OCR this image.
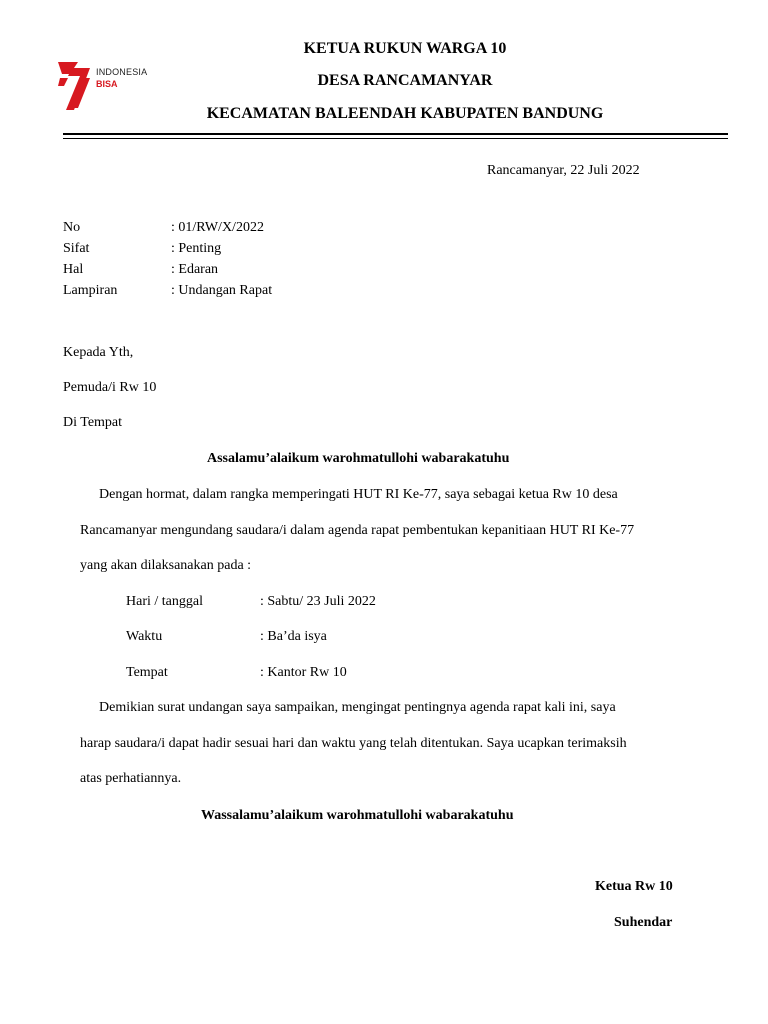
INDONESIA
BISA
KETUA RUKUN WARGA 10
DESA RANCAMANYAR
KECAMATAN BALEENDAH KABUPATEN BANDUNG
Rancamanyar, 22 Juli 2022
No	: 01/RW/X/2022
Sifat	: Penting
Hal	: Edaran
Lampiran	: Undangan Rapat
Kepada Yth,
Pemuda/i Rw 10
Di Tempat
Assalamu’alaikum warohmatullohi wabarakatuhu
Dengan hormat, dalam rangka memperingati HUT RI Ke-77, saya sebagai ketua Rw 10 desa
Rancamanyar mengundang saudara/i dalam agenda rapat pembentukan kepanitiaan HUT RI Ke-77
yang akan dilaksanakan pada :
Hari / tanggal	: Sabtu/ 23 Juli 2022
Waktu	: Ba’da isya
Tempat	: Kantor Rw 10
Demikian surat undangan saya sampaikan, mengingat pentingnya agenda rapat kali ini, saya
harap saudara/i dapat hadir sesuai hari dan waktu yang telah ditentukan. Saya ucapkan terimaksih
atas perhatiannya.
Wassalamu’alaikum warohmatullohi wabarakatuhu
Ketua Rw 10
Suhendar
